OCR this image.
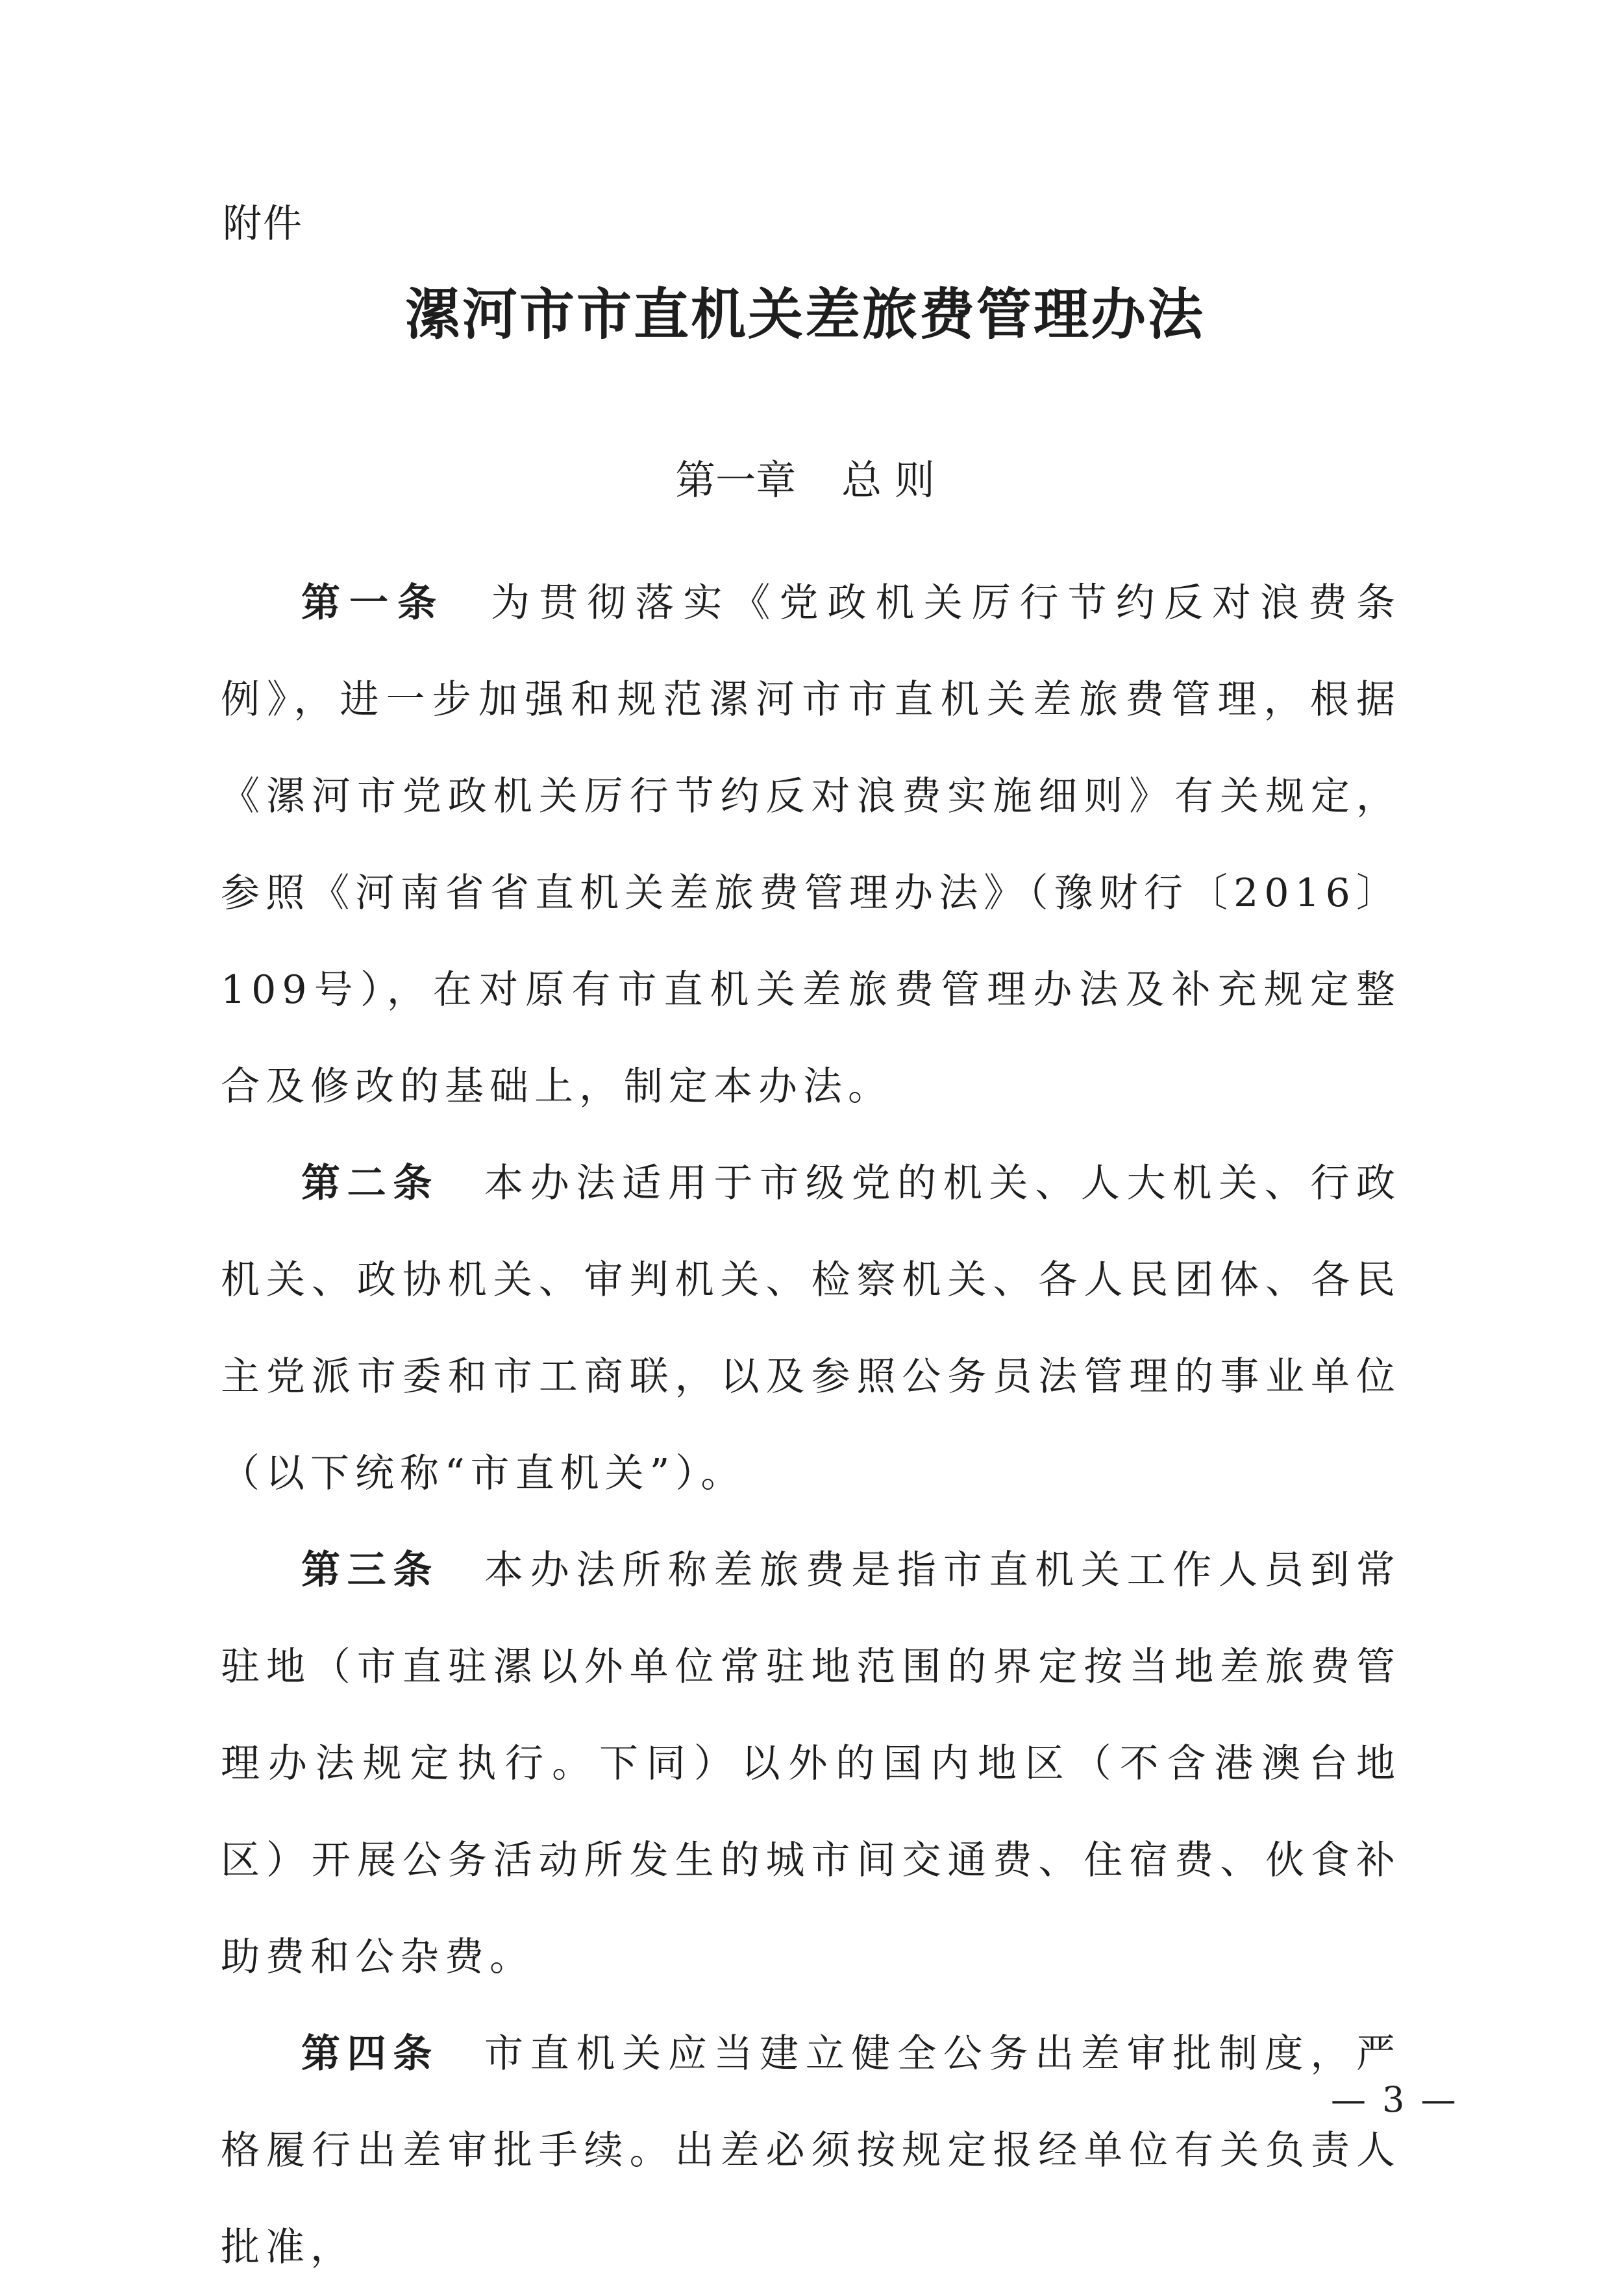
附件
漯河市市直机关差旅费管理办法
第一章 总 则

第一条 为贯彻落实《党政机关厉行节约反对浪费条例》，进一步加强和规范漯河市市直机关差旅费管理，根据《漯河市党政机关厉行节约反对浪费实施细则》有关规定，参照《河南省省直机关差旅费管理办法》（豫财行〔2016〕109号），在对原有市直机关差旅费管理办法及补充规定整合及修改的基础上，制定本办法。

第二条 本办法适用于市级党的机关、人大机关、行政机关、政协机关、审判机关、检察机关、各人民团体、各民主党派市委和市工商联，以及参照公务员法管理的事业单位（以下统称“市直机关”）。

第三条 本办法所称差旅费是指市直机关工作人员到常驻地（市直驻漯以外单位常驻地范围的界定按当地差旅费管理办法规定执行。下同）以外的国内地区（不含港澳台地区）开展公务活动所发生的城市间交通费、住宿费、伙食补助费和公杂费。

第四条 市直机关应当建立健全公务出差审批制度，严格履行出差审批手续。出差必须按规定报经单位有关负责人批准，

— 3 —
